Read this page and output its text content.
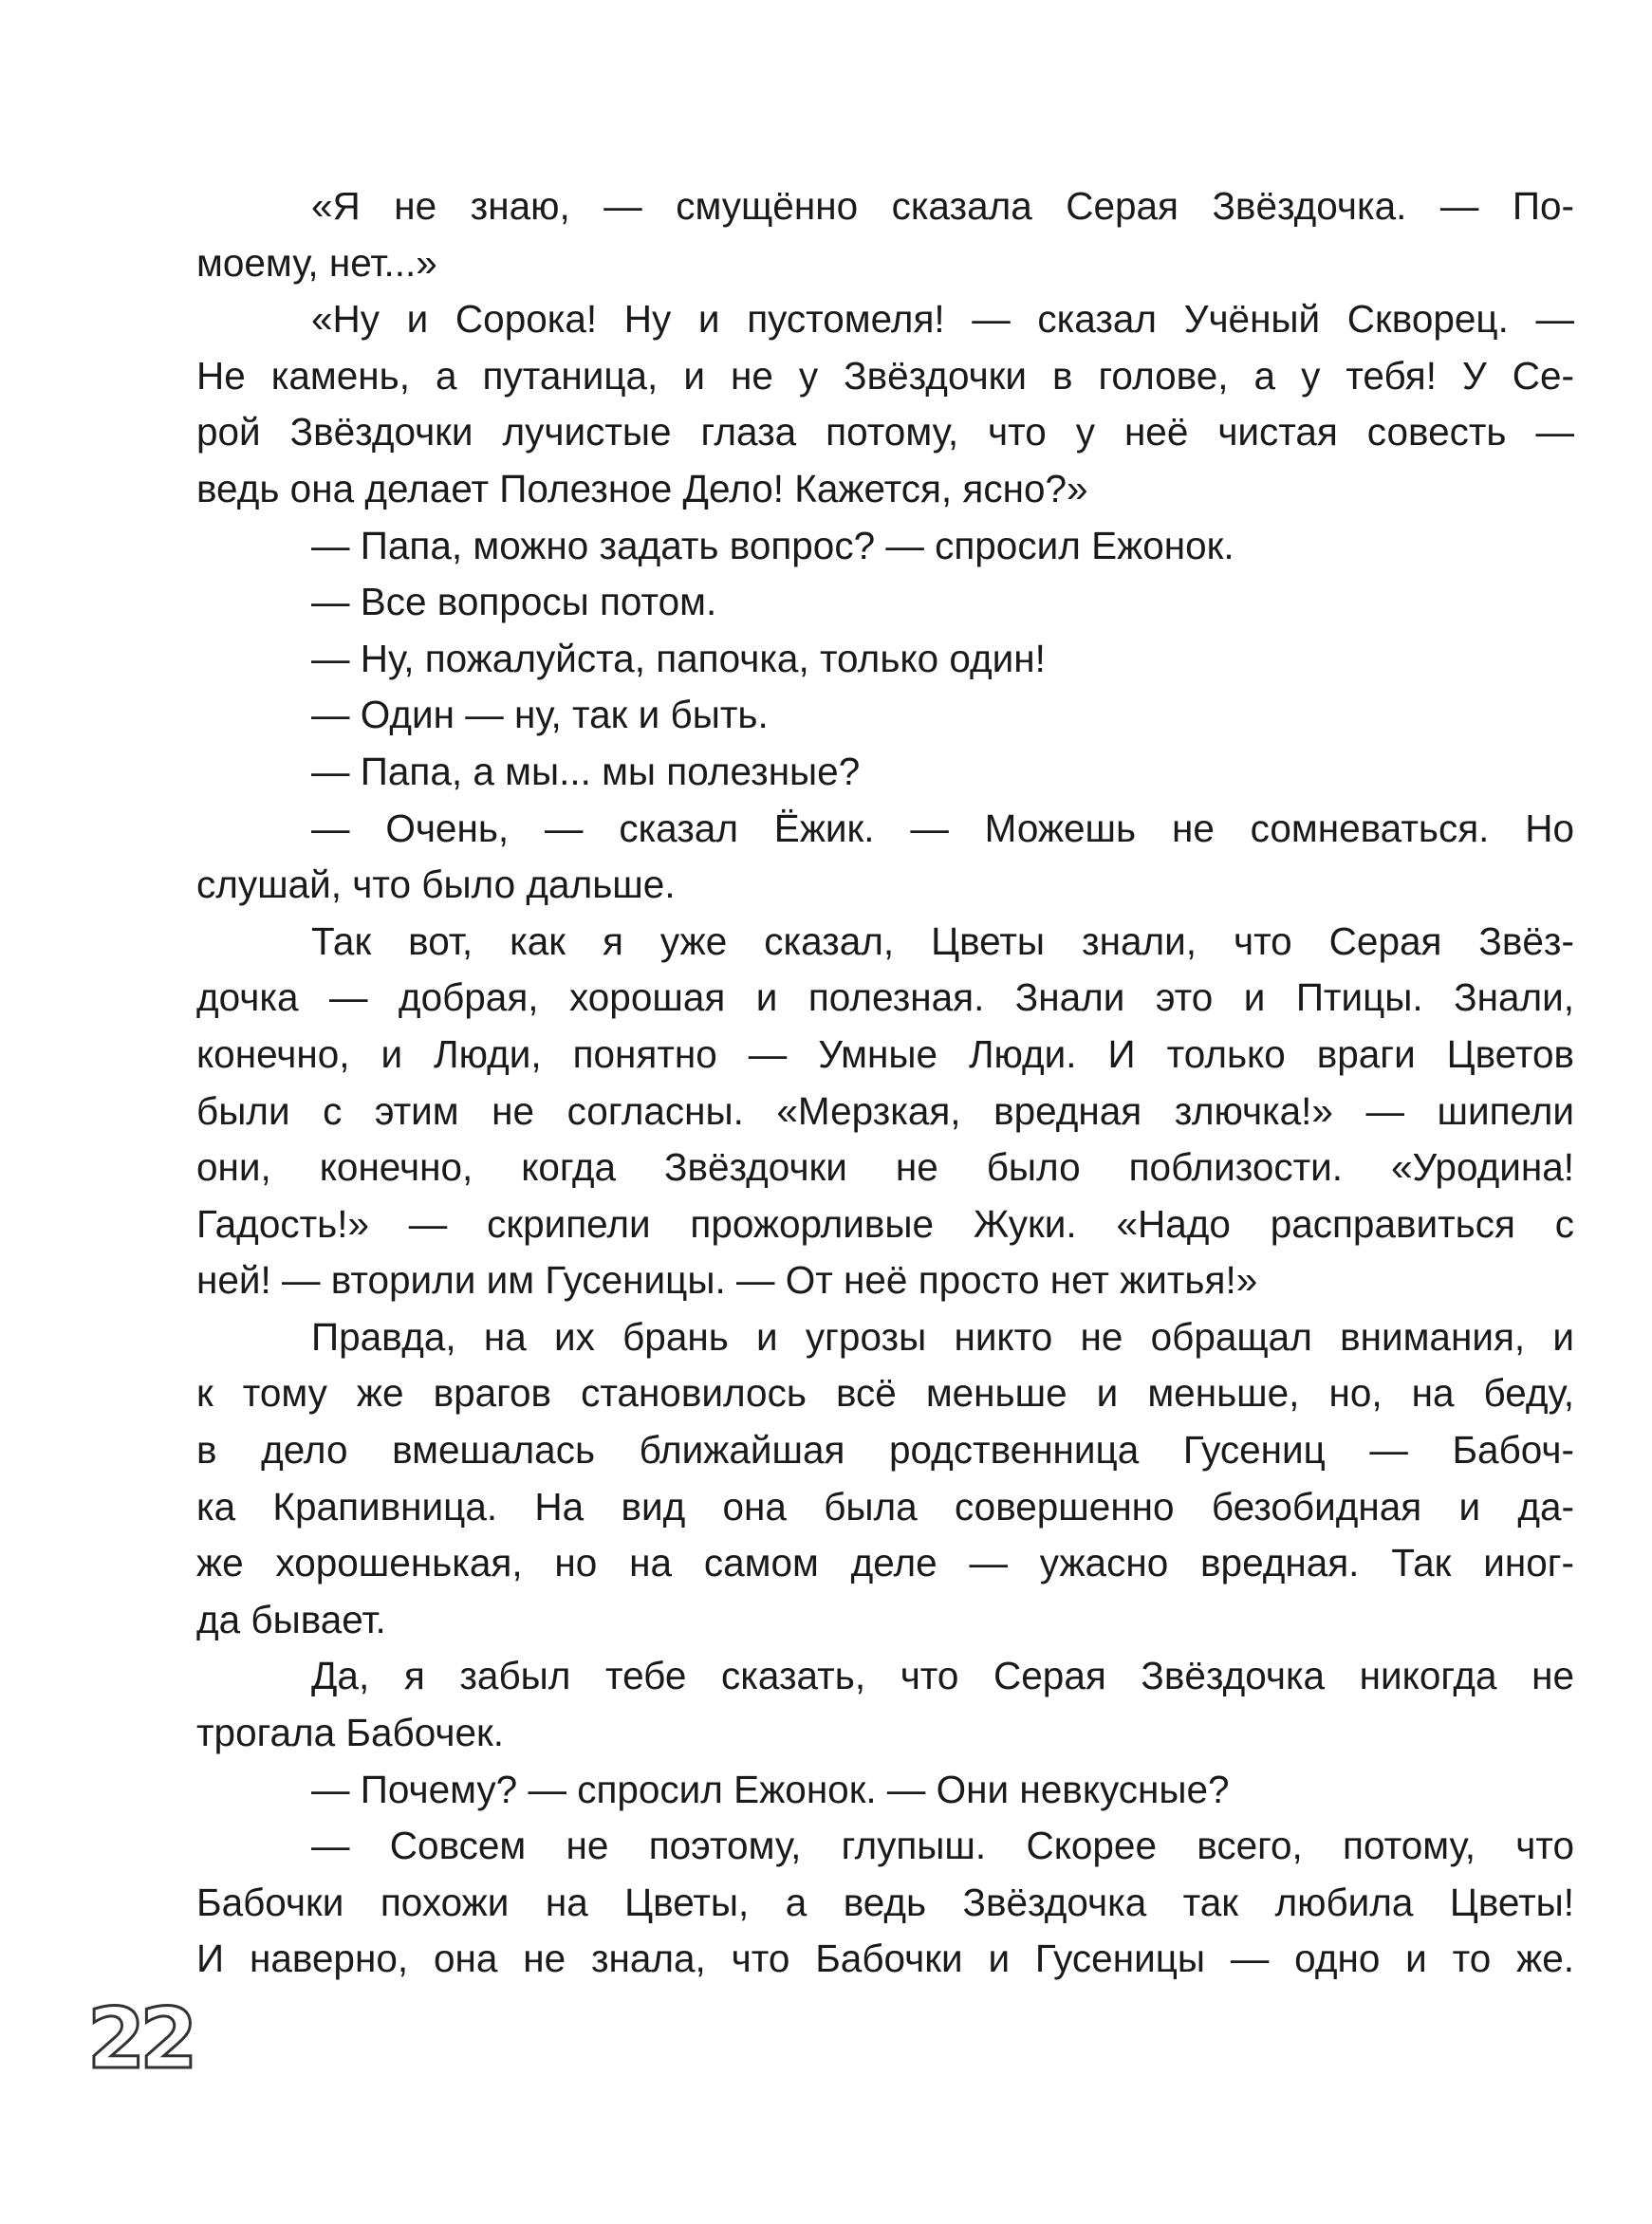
«Я не знаю, — смущённо сказала Серая Звёздочка. — По-
моему, нет...»
«Ну и Сорока! Ну и пустомеля! — сказал Учёный Скворец. —
Не камень, а путаница, и не у Звёздочки в голове, а у тебя! У Се-
рой Звёздочки лучистые глаза потому, что у неё чистая совесть —
ведь она делает Полезное Дело! Кажется, ясно?»
— Папа, можно задать вопрос? — спросил Ежонок.
— Все вопросы потом.
— Ну, пожалуйста, папочка, только один!
— Один — ну, так и быть.
— Папа, а мы... мы полезные?
— Очень, — сказал Ёжик. — Можешь не сомневаться. Но
слушай, что было дальше.
Так вот, как я уже сказал, Цветы знали, что Серая Звёз-
дочка — добрая, хорошая и полезная. Знали это и Птицы. Знали,
конечно, и Люди, понятно — Умные Люди. И только враги Цветов
были с этим не согласны. «Мерзкая, вредная злючка!» — шипели
они, конечно, когда Звёздочки не было поблизости. «Уродина!
Гадость!» — скрипели прожорливые Жуки. «Надо расправиться с
ней! — вторили им Гусеницы. — От неё просто нет житья!»
Правда, на их брань и угрозы никто не обращал внимания, и
к тому же врагов становилось всё меньше и меньше, но, на беду,
в дело вмешалась ближайшая родственница Гусениц — Бабоч-
ка Крапивница. На вид она была совершенно безобидная и да-
же хорошенькая, но на самом деле — ужасно вредная. Так иног-
да бывает.
Да, я забыл тебе сказать, что Серая Звёздочка никогда не
трогала Бабочек.
— Почему? — спросил Ежонок. — Они невкусные?
— Совсем не поэтому, глупыш. Скорее всего, потому, что
Бабочки похожи на Цветы, а ведь Звёздочка так любила Цветы!
И наверно, она не знала, что Бабочки и Гусеницы — одно и то же.
22
